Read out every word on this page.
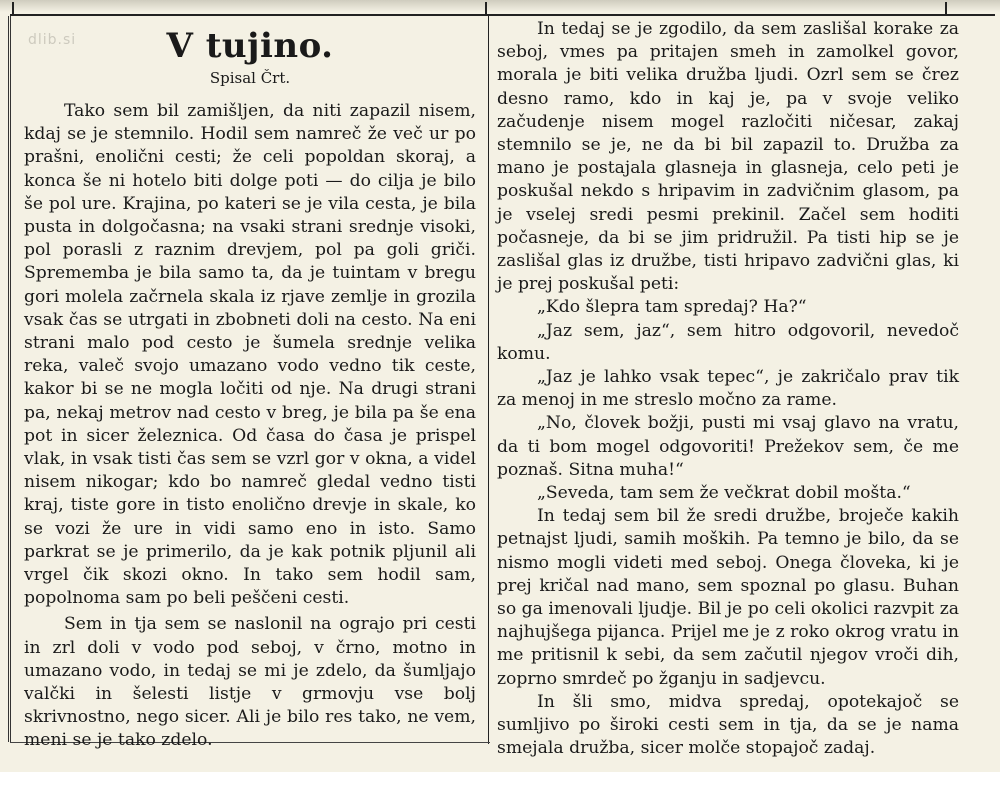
dlib.si	V tujino.
Spisal Črt.

Tako sem bil zamišljen, da niti zapazil nisem, kdaj se je stemnilo. Hodil sem namreč že več ur po prašni, enolični cesti; že celi popoldan skoraj, a konca še ni hotelo biti dolge poti — do cilja je bilo še pol ure. Krajina, po kateri se je vila cesta, je bila pusta in dolgočasna; na vsaki strani srednje visoki, pol porasli z raznim drevjem, pol pa goli griči. Sprememba je bila samo ta, da je tuintam v bregu gori molela začrnela skala iz rjave zemlje in grozila vsak čas se utrgati in zbobneti doli na cesto. Na eni strani malo pod cesto je šumela srednje velika reka, valeč svojo umazano vodo vedno tik ceste, kakor bi se ne mogla ločiti od nje. Na drugi strani pa, nekaj metrov nad cesto v breg, je bila pa še ena pot in sicer železnica. Od časa do časa je prispel vlak, in vsak tisti čas sem se vzrl gor v okna, a videl nisem nikogar; kdo bo namreč gledal vedno tisti kraj, tiste gore in tisto enolično drevje in skale, ko se vozi že ure in vidi samo eno in isto. Samo parkrat se je primerilo, da je kak potnik pljunil ali vrgel čik skozi okno. In tako sem hodil sam, popolnoma sam po beli peščeni cesti.

Sem in tja sem se naslonil na ograjo pri cesti in zrl doli v vodo pod seboj, v črno, motno in umazano vodo, in tedaj se mi je zdelo, da šumljajo valčki in šelesti listje v grmovju vse bolj skrivnostno, nego sicer. Ali je bilo res tako, ne vem, meni se je tako zdelo.

In tedaj se je zgodilo, da sem zaslišal korake za seboj, vmes pa pritajen smeh in zamolkel govor, morala je biti velika družba ljudi. Ozrl sem se črez desno ramo, kdo in kaj je, pa v svoje veliko začudenje nisem mogel razločiti ničesar, zakaj stemnilo se je, ne da bi bil zapazil to. Družba za mano je postajala glasneja in glasneja, celo peti je poskušal nekdo s hripavim in zadvičnim glasom, pa je vselej sredi pesmi prekinil. Začel sem hoditi počasneje, da bi se jim pridružil. Pa tisti hip se je zaslišal glas iz družbe, tisti hripavo zadvični glas, ki je prej poskušal peti:

„Kdo šlepra tam spredaj? Ha?“

„Jaz sem, jaz“, sem hitro odgovoril, nevedoč komu.

„Jaz je lahko vsak tepec“, je zakričalo prav tik za menoj in me streslo močno za rame.

„No, človek božji, pusti mi vsaj glavo na vratu, da ti bom mogel odgovoriti! Prežekov sem, če me poznaš. Sitna muha!“

„Seveda, tam sem že večkrat dobil mošta.“

In tedaj sem bil že sredi družbe, broječe kakih petnajst ljudi, samih moških. Pa temno je bilo, da se nismo mogli videti med seboj. Onega človeka, ki je prej kričal nad mano, sem spoznal po glasu. Buhan so ga imenovali ljudje. Bil je po celi okolici razvpit za najhujšega pijanca. Prijel me je z roko okrog vratu in me pritisnil k sebi, da sem začutil njegov vroči dih, zoprno smrdeč po žganju in sadjevcu.

In šli smo, midva spredaj, opotekajoč se sumljivo po široki cesti sem in tja, da se je nama smejala družba, sicer molče stopajoč zadaj.
